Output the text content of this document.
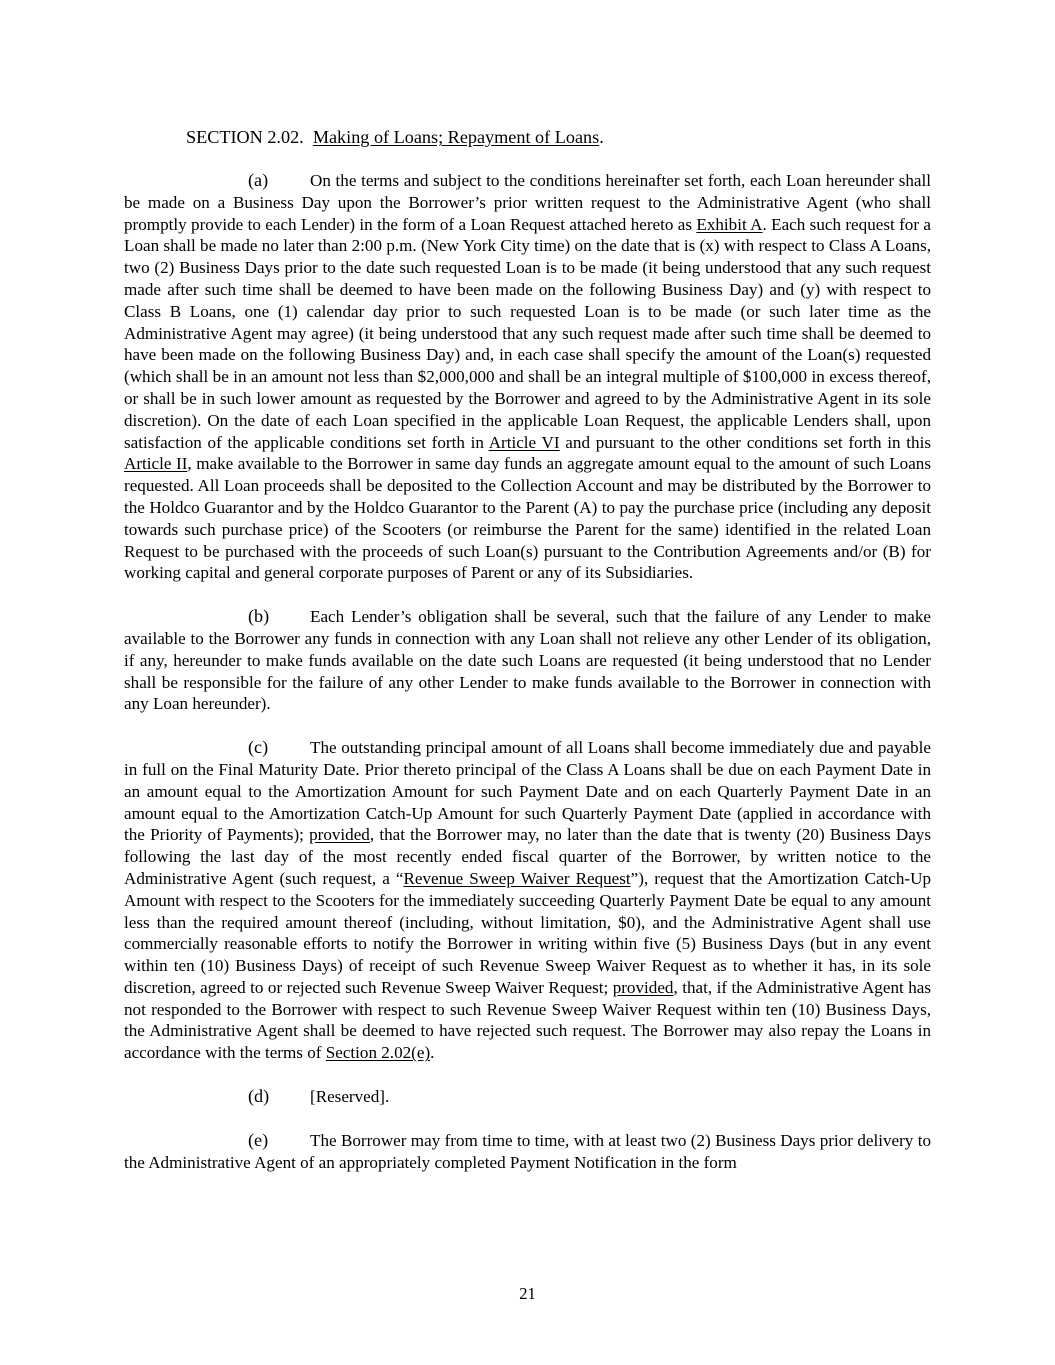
SECTION 2.02. Making of Loans; Repayment of Loans.

(a) On the terms and subject to the conditions hereinafter set forth, each Loan hereunder shall be made on a Business Day upon the Borrower’s prior written request to the Administrative Agent (who shall promptly provide to each Lender) in the form of a Loan Request attached hereto as Exhibit A. Each such request for a Loan shall be made no later than 2:00 p.m. (New York City time) on the date that is (x) with respect to Class A Loans, two (2) Business Days prior to the date such requested Loan is to be made (it being understood that any such request made after such time shall be deemed to have been made on the following Business Day) and (y) with respect to Class B Loans, one (1) calendar day prior to such requested Loan is to be made (or such later time as the Administrative Agent may agree) (it being understood that any such request made after such time shall be deemed to have been made on the following Business Day) and, in each case shall specify the amount of the Loan(s) requested (which shall be in an amount not less than $2,000,000 and shall be an integral multiple of $100,000 in excess thereof, or shall be in such lower amount as requested by the Borrower and agreed to by the Administrative Agent in its sole discretion). On the date of each Loan specified in the applicable Loan Request, the applicable Lenders shall, upon satisfaction of the applicable conditions set forth in Article VI and pursuant to the other conditions set forth in this Article II, make available to the Borrower in same day funds an aggregate amount equal to the amount of such Loans requested. All Loan proceeds shall be deposited to the Collection Account and may be distributed by the Borrower to the Holdco Guarantor and by the Holdco Guarantor to the Parent (A) to pay the purchase price (including any deposit towards such purchase price) of the Scooters (or reimburse the Parent for the same) identified in the related Loan Request to be purchased with the proceeds of such Loan(s) pursuant to the Contribution Agreements and/or (B) for working capital and general corporate purposes of Parent or any of its Subsidiaries.

(b) Each Lender’s obligation shall be several, such that the failure of any Lender to make available to the Borrower any funds in connection with any Loan shall not relieve any other Lender of its obligation, if any, hereunder to make funds available on the date such Loans are requested (it being understood that no Lender shall be responsible for the failure of any other Lender to make funds available to the Borrower in connection with any Loan hereunder).

(c) The outstanding principal amount of all Loans shall become immediately due and payable in full on the Final Maturity Date. Prior thereto principal of the Class A Loans shall be due on each Payment Date in an amount equal to the Amortization Amount for such Payment Date and on each Quarterly Payment Date in an amount equal to the Amortization Catch-Up Amount for such Quarterly Payment Date (applied in accordance with the Priority of Payments); provided, that the Borrower may, no later than the date that is twenty (20) Business Days following the last day of the most recently ended fiscal quarter of the Borrower, by written notice to the Administrative Agent (such request, a “Revenue Sweep Waiver Request”), request that the Amortization Catch-Up Amount with respect to the Scooters for the immediately succeeding Quarterly Payment Date be equal to any amount less than the required amount thereof (including, without limitation, $0), and the Administrative Agent shall use commercially reasonable efforts to notify the Borrower in writing within five (5) Business Days (but in any event within ten (10) Business Days) of receipt of such Revenue Sweep Waiver Request as to whether it has, in its sole discretion, agreed to or rejected such Revenue Sweep Waiver Request; provided, that, if the Administrative Agent has not responded to the Borrower with respect to such Revenue Sweep Waiver Request within ten (10) Business Days, the Administrative Agent shall be deemed to have rejected such request. The Borrower may also repay the Loans in accordance with the terms of Section 2.02(e).

(d) [Reserved].

(e) The Borrower may from time to time, with at least two (2) Business Days prior delivery to the Administrative Agent of an appropriately completed Payment Notification in the form

21
